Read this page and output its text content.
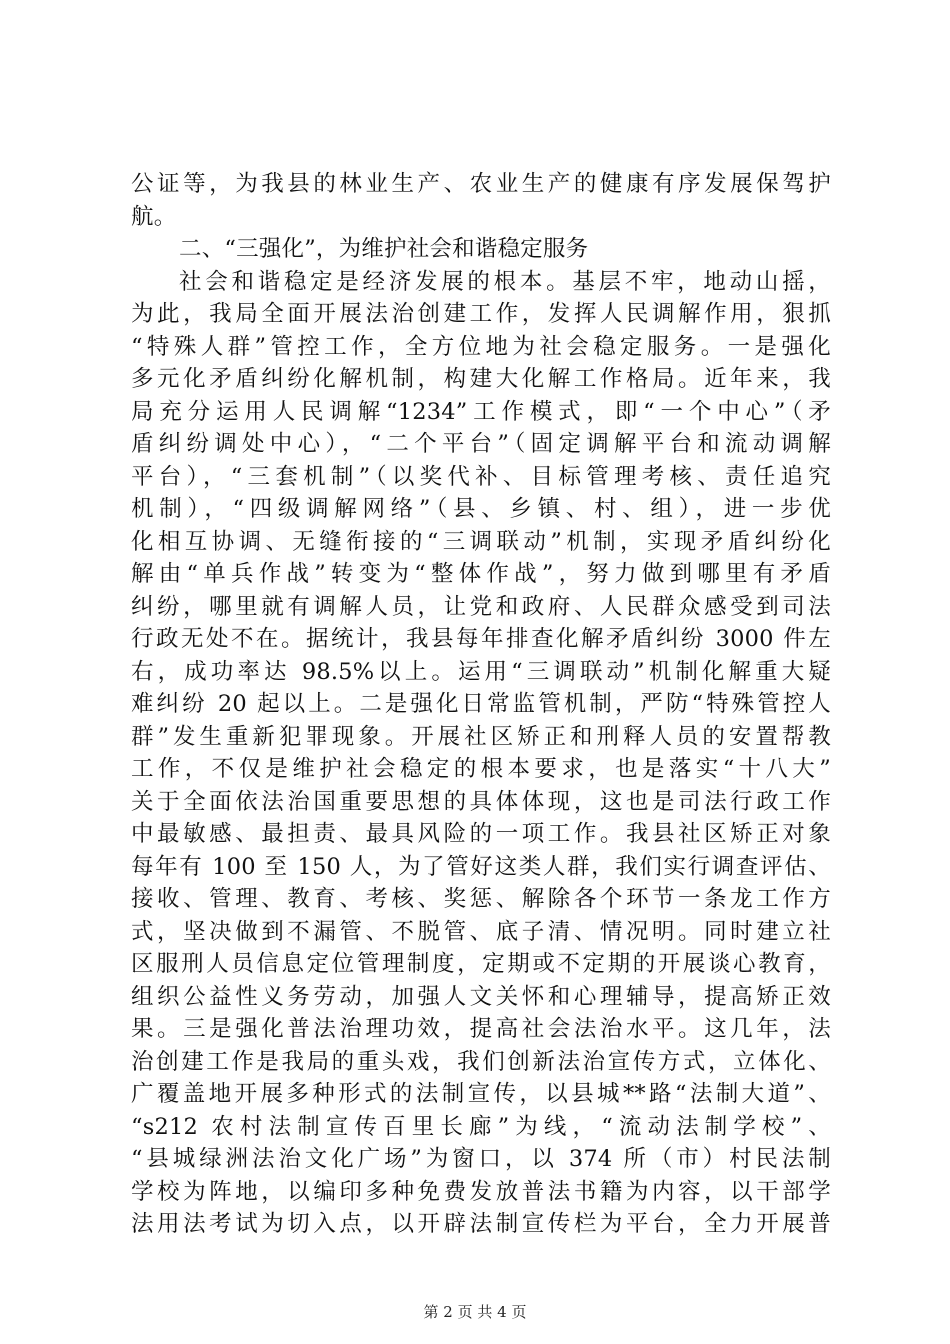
公证等，为我县的林业生产、农业生产的健康有序发展保驾护
航。
二、“三强化”，为维护社会和谐稳定服务
社会和谐稳定是经济发展的根本。基层不牢，地动山摇，
为此，我局全面开展法治创建工作，发挥人民调解作用，狠抓
“特殊人群”管控工作，全方位地为社会稳定服务。一是强化
多元化矛盾纠纷化解机制，构建大化解工作格局。近年来，我
局充分运用人民调解“1234”工作模式，即“一个中心”（矛
盾纠纷调处中心），“二个平台”（固定调解平台和流动调解
平台），“三套机制”（以奖代补、目标管理考核、责任追究
机制），“四级调解网络”（县、乡镇、村、组），进一步优
化相互协调、无缝衔接的“三调联动”机制，实现矛盾纠纷化
解由“单兵作战”转变为“整体作战”，努力做到哪里有矛盾
纠纷，哪里就有调解人员，让党和政府、人民群众感受到司法
行政无处不在。据统计，我县每年排查化解矛盾纠纷 3000 件左
右，成功率达 98.5%以上。运用“三调联动”机制化解重大疑
难纠纷 20 起以上。二是强化日常监管机制，严防“特殊管控人
群”发生重新犯罪现象。开展社区矫正和刑释人员的安置帮教
工作，不仅是维护社会稳定的根本要求，也是落实“十八大”
关于全面依法治国重要思想的具体体现，这也是司法行政工作
中最敏感、最担责、最具风险的一项工作。我县社区矫正对象
每年有 100 至 150 人，为了管好这类人群，我们实行调查评估、
接收、管理、教育、考核、奖惩、解除各个环节一条龙工作方
式，坚决做到不漏管、不脱管、底子清、情况明。同时建立社
区服刑人员信息定位管理制度，定期或不定期的开展谈心教育，
组织公益性义务劳动，加强人文关怀和心理辅导，提高矫正效
果。三是强化普法治理功效，提高社会法治水平。这几年，法
治创建工作是我局的重头戏，我们创新法治宣传方式，立体化、
广覆盖地开展多种形式的法制宣传，以县城**路“法制大道”、
“s212 农村法制宣传百里长廊”为线，“流动法制学校”、
“县城绿洲法治文化广场”为窗口，以 374 所（市）村民法制
学校为阵地，以编印多种免费发放普法书籍为内容，以干部学
法用法考试为切入点，以开辟法制宣传栏为平台，全力开展普
第 2 页 共 4 页
